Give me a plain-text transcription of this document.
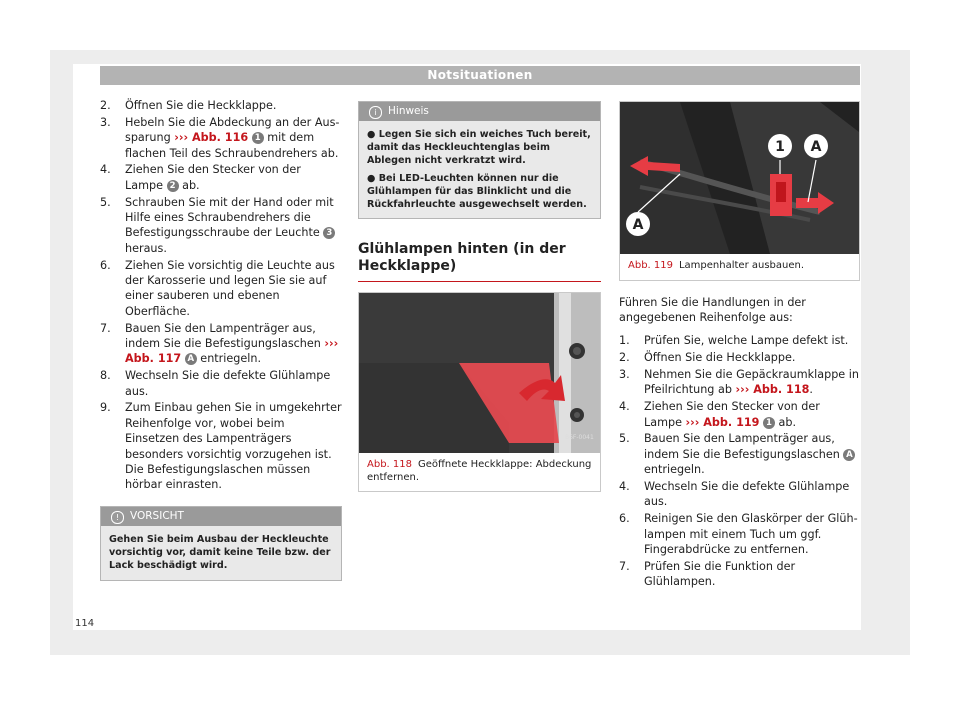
Notsituationen
2. Öffnen Sie die Heckklappe.
3. Hebeln Sie die Abdeckung an der Aussparung ››› Abb. 116 1 mit dem flachen Teil des Schraubendrehers ab.
4. Ziehen Sie den Stecker von der Lampe 2 ab.
5. Schrauben Sie mit der Hand oder mit Hilfe eines Schraubendrehers die Befestigungsschraube der Leuchte 3 heraus.
6. Ziehen Sie vorsichtig die Leuchte aus der Karosserie und legen Sie sie auf einer sauberen und ebenen Oberfläche.
7. Bauen Sie den Lampenträger aus, indem Sie die Befestigungslaschen ››› Abb. 117 A entriegeln.
8. Wechseln Sie die defekte Glühlampe aus.
9. Zum Einbau gehen Sie in umgekehrter Reihenfolge vor, wobei beim Einsetzen des Lampenträgers besonders vorsichtig vorzugehen ist. Die Befestigungslaschen müssen hörbar einrasten.
! VORSICHT

Gehen Sie beim Ausbau der Heckleuchte vorsichtig vor, damit keine Teile bzw. der Lack beschädigt wird.

i Hinweis

● Legen Sie sich ein weiches Tuch bereit, damit das Heckleuchtenglas beim Ablegen nicht verkratzt wird.

● Bei LED-Leuchten können nur die Glühlampen für das Blinklicht und die Rückfahrleuchte ausgewechselt werden.

Glühlampen hinten (in der Heckklappe)
B6F-0041
Abb. 118 Geöffnete Heckklappe: Abdeckung entfernen.
1 A
A
Abb. 119 Lampenhalter ausbauen.

Führen Sie die Handlungen in der angegebenen Reihenfolge aus:

1. Prüfen Sie, welche Lampe defekt ist.
2. Öffnen Sie die Heckklappe.
3. Nehmen Sie die Gepäckraumklappe in Pfeilrichtung ab ››› Abb. 118.
4. Ziehen Sie den Stecker von der Lampe ››› Abb. 119 1 ab.
5. Bauen Sie den Lampenträger aus, indem Sie die Befestigungslaschen A entriegeln.
4. Wechseln Sie die defekte Glühlampe aus.
6. Reinigen Sie den Glaskörper der Glühlampen mit einem Tuch um ggf. Fingerabdrücke zu entfernen.
7. Prüfen Sie die Funktion der Glühlampen.
114
